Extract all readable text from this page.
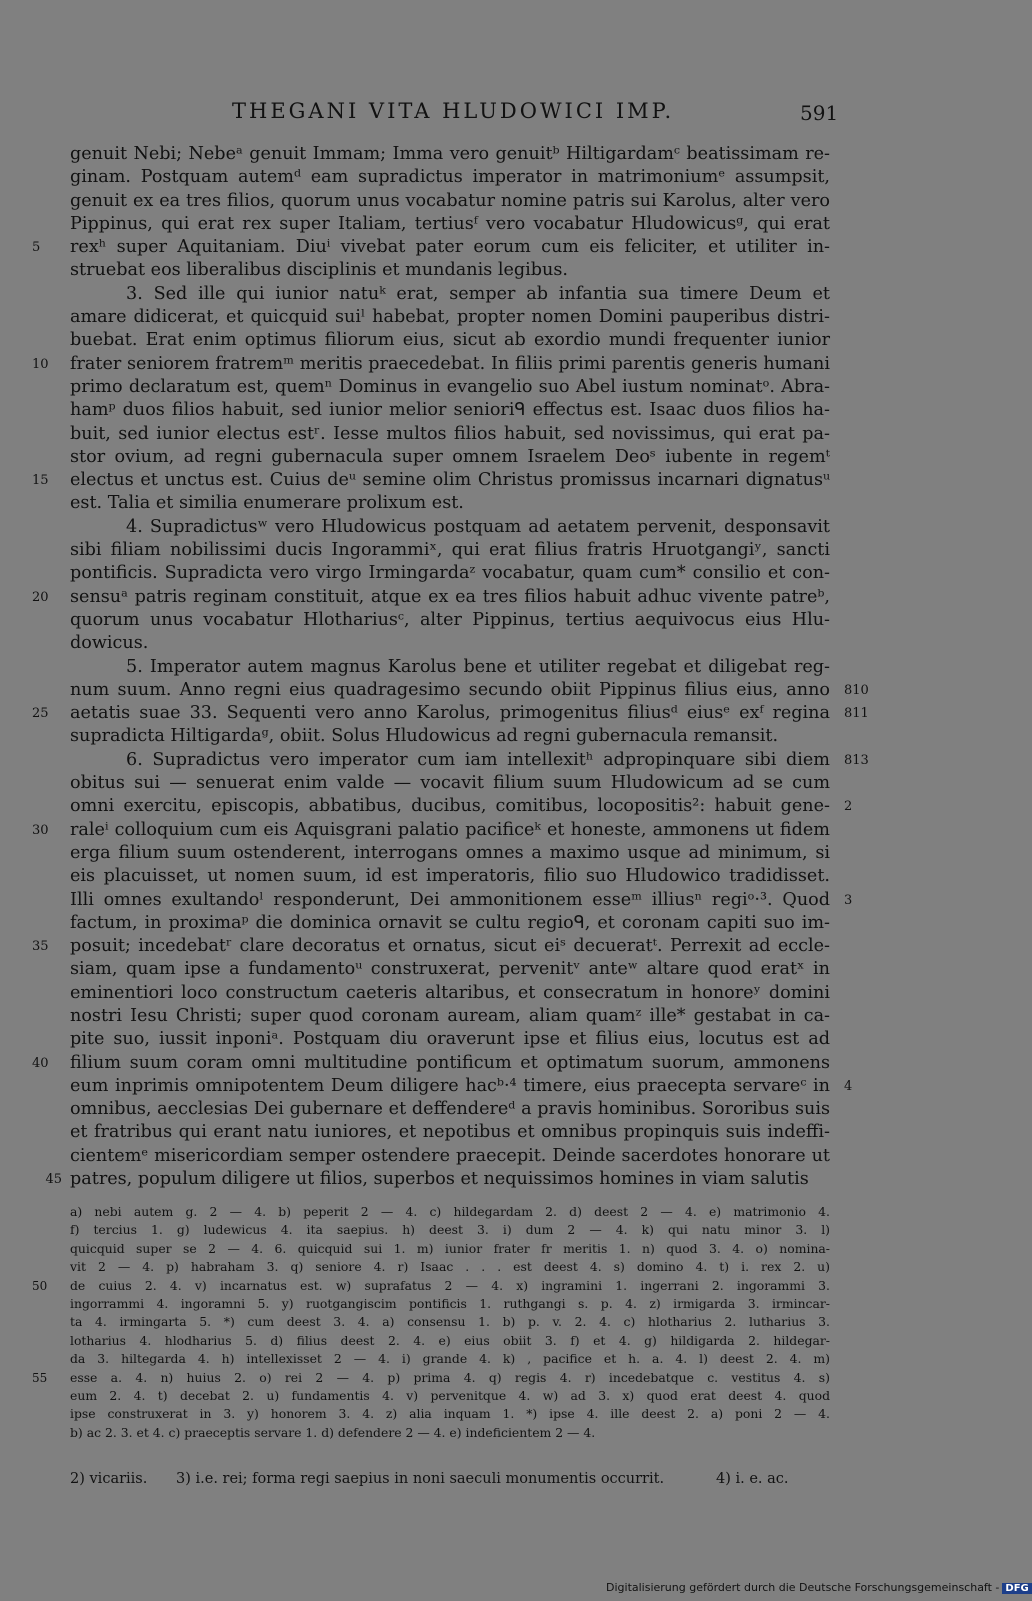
THEGANI VITA HLUDOWICI IMP.	591
genuit Nebi; Nebeᵃ genuit Immam; Imma vero genuitᵇ Hiltigardamᶜ beatissimam re-
ginam. Postquam autemᵈ eam supradictus imperator in matrimoniumᵉ assumpsit,
genuit ex ea tres filios, quorum unus vocabatur nomine patris sui Karolus, alter vero
Pippinus, qui erat rex super Italiam, tertiusᶠ vero vocabatur Hludowicusᵍ, qui erat
5	rexʰ super Aquitaniam. Diuⁱ vivebat pater eorum cum eis feliciter, et utiliter in-
struebat eos liberalibus disciplinis et mundanis legibus.
3. Sed ille qui iunior natuᵏ erat, semper ab infantia sua timere Deum et
amare didicerat, et quicquid suiˡ habebat, propter nomen Domini pauperibus distri-
buebat. Erat enim optimus filiorum eius, sicut ab exordio mundi frequenter iunior
10	frater seniorem fratremᵐ meritis praecedebat. In filiis primi parentis generis humani
primo declaratum est, quemⁿ Dominus in evangelio suo Abel iustum nominatᵒ. Abra-
hamᵖ duos filios habuit, sed iunior melior senioriᑫ effectus est. Isaac duos filios ha-
buit, sed iunior electus estʳ. Iesse multos filios habuit, sed novissimus, qui erat pa-
stor ovium, ad regni gubernacula super omnem Israelem Deoˢ iubente in regemᵗ
15	electus et unctus est. Cuius deᵘ semine olim Christus promissus incarnari dignatusᵘ
est. Talia et similia enumerare prolixum est.
4. Supradictusʷ vero Hludowicus postquam ad aetatem pervenit, desponsavit
sibi filiam nobilissimi ducis Ingorammiˣ, qui erat filius fratris Hruotgangiʸ, sancti
pontificis. Supradicta vero virgo Irmingardaᶻ vocabatur, quam cum* consilio et con-
20	sensuᵃ patris reginam constituit, atque ex ea tres filios habuit adhuc vivente patreᵇ,
quorum unus vocabatur Hlothariusᶜ, alter Pippinus, tertius aequivocus eius Hlu-
dowicus.
5. Imperator autem magnus Karolus bene et utiliter regebat et diligebat reg-
num suum. Anno regni eius quadragesimo secundo obiit Pippinus filius eius, anno 810
25	aetatis suae 33. Sequenti vero anno Karolus, primogenitus filiusᵈ eiusᵉ exᶠ regina 811
supradicta Hiltigardaᵍ, obiit. Solus Hludowicus ad regni gubernacula remansit.
6. Supradictus vero imperator cum iam intellexitʰ adpropinquare sibi diem 813
obitus sui — senuerat enim valde — vocavit filium suum Hludowicum ad se cum
omni exercitu, episcopis, abbatibus, ducibus, comitibus, locopositis²: habuit gene- 2
30	raleⁱ colloquium cum eis Aquisgrani palatio pacificeᵏ et honeste, ammonens ut fidem
erga filium suum ostenderent, interrogans omnes a maximo usque ad minimum, si
eis placuisset, ut nomen suum, id est imperatoris, filio suo Hludowico tradidisset.
Illi omnes exultandoˡ responderunt, Dei ammonitionem esseᵐ illiusⁿ regiᵒ·³. Quod 3
factum, in proximaᵖ die dominica ornavit se cultu regioᑫ, et coronam capiti suo im-
35	posuit; incedebatʳ clare decoratus et ornatus, sicut eiˢ decueratᵗ. Perrexit ad eccle-
siam, quam ipse a fundamentoᵘ construxerat, pervenitᵛ anteʷ altare quod eratˣ in
eminentiori loco constructum caeteris altaribus, et consecratum in honoreʸ domini
nostri Iesu Christi; super quod coronam auream, aliam quamᶻ ille* gestabat in ca-
pite suo, iussit inponiᵃ. Postquam diu oraverunt ipse et filius eius, locutus est ad
40	filium suum coram omni multitudine pontificum et optimatum suorum, ammonens
eum inprimis omnipotentem Deum diligere hacᵇ·⁴ timere, eius praecepta servareᶜ in 4
omnibus, aecclesias Dei gubernare et deffendereᵈ a pravis hominibus. Sororibus suis
et fratribus qui erant natu iuniores, et nepotibus et omnibus propinquis suis indeffi-
cientemᵉ misericordiam semper ostendere praecepit. Deinde sacerdotes honorare ut
45 patres, populum diligere ut filios, superbos et nequissimos homines in viam salutis
a) nebi autem g. 2 — 4. b) peperit 2 — 4. c) hildegardam 2. d) deest 2 — 4. e) matrimonio 4.
f) tercius 1. g) ludewicus 4. ita saepius. h) deest 3. i) dum 2 — 4. k) qui natu minor 3. l)
quicquid super se 2 — 4. 6. quicquid sui 1. m) iunior frater fr meritis 1. n) quod 3. 4. o) nomina-
vit 2 — 4. p) habraham 3. q) seniore 4. r) Isaac . . . est deest 4. s) domino 4. t) i. rex 2. u)
50	de cuius 2. 4. v) incarnatus est. w) suprafatus 2 — 4. x) ingramini 1. ingerrani 2. ingorammi 3.
ingorrammi 4. ingoramni 5. y) ruotgangiscim pontificis 1. ruthgangi s. p. 4. z) irmigarda 3. irmincar-
ta 4. irmingarta 5. *) cum deest 3. 4. a) consensu 1. b) p. v. 2. 4. c) hlotharius 2. lutharius 3.
lotharius 4. hlodharius 5. d) filius deest 2. 4. e) eius obiit 3. f) et 4. g) hildigarda 2. hildegar-
da 3. hiltegarda 4. h) intellexisset 2 — 4. i) grande 4. k) , pacifice et h. a. 4. l) deest 2. 4. m)
55	esse a. 4. n) huius 2. o) rei 2 — 4. p) prima 4. q) regis 4. r) incedebatque c. vestitus 4. s)
eum 2. 4. t) decebat 2. u) fundamentis 4. v) pervenitque 4. w) ad 3. x) quod erat deest 4. quod
ipse construxerat in 3. y) honorem 3. 4. z) alia inquam 1. *) ipse 4. ille deest 2. a) poni 2 — 4.
b) ac 2. 3. et 4. c) praeceptis servare 1. d) defendere 2 — 4. e) indeficientem 2 — 4.
2) vicariis. 3) i.e. rei; forma regi saepius in noni saeculi monumentis occurrit.	4) i. e. ac.
Digitalisierung gefördert durch die Deutsche Forschungsgemeinschaft - DFG
